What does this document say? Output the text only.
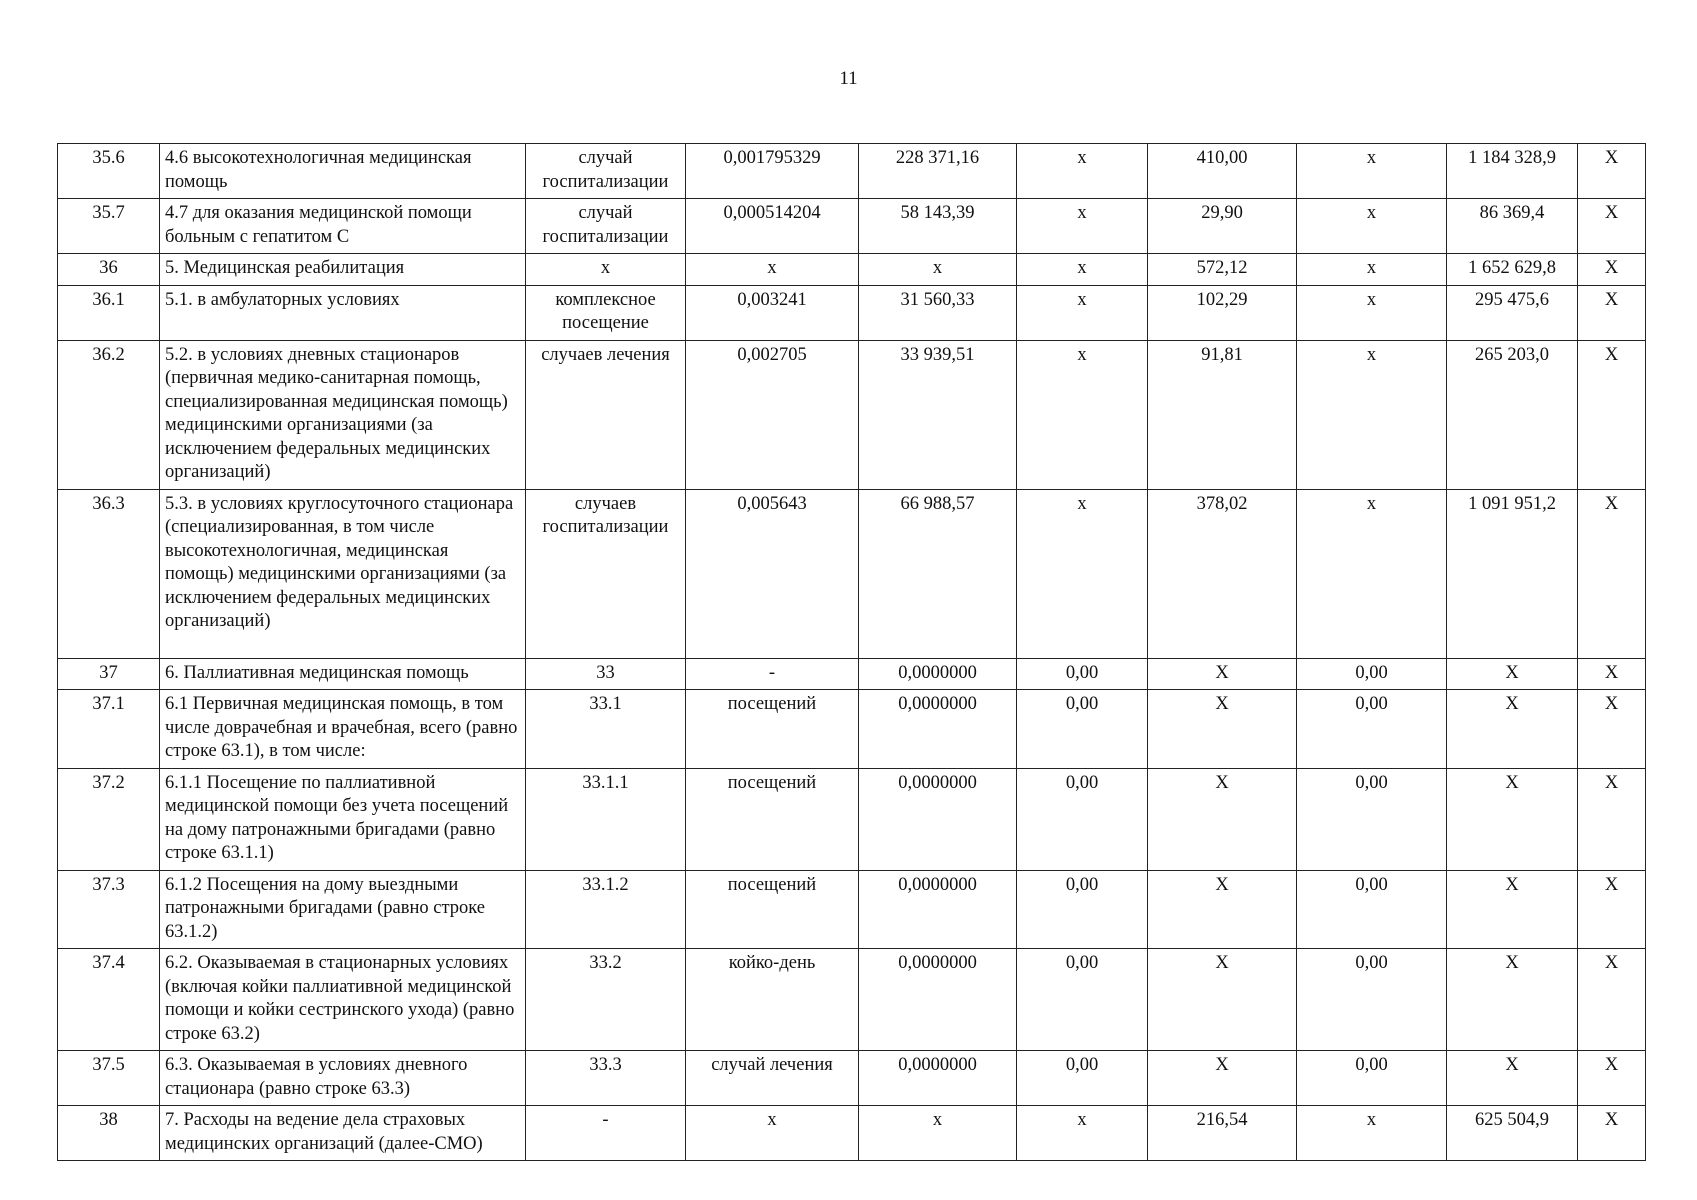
11
35.6	4.6 высокотехнологичная медицинская помощь	случай госпитализации	0,001795329	228 371,16	х	410,00	х	1 184 328,9	Х
35.7	4.7 для оказания медицинской помощи больным с гепатитом С	случай госпитализации	0,000514204	58 143,39	х	29,90	х	86 369,4	Х
36	5. Медицинская реабилитация	х	х	х	х	572,12	х	1 652 629,8	Х
36.1	5.1. в амбулаторных условиях	комплексное посещение	0,003241	31 560,33	х	102,29	х	295 475,6	Х
36.2	5.2. в условиях дневных стационаров (первичная медико-санитарная помощь, специализированная медицинская помощь) медицинскими организациями (за исключением федеральных медицинских организаций)	случаев лечения	0,002705	33 939,51	х	91,81	х	265 203,0	Х
36.3	5.3. в условиях круглосуточного стационара (специализированная, в том числе высокотехнологичная, медицинская помощь) медицинскими организациями (за исключением федеральных медицинских организаций)	случаев госпитализации	0,005643	66 988,57	х	378,02	х	1 091 951,2	Х
37	6. Паллиативная медицинская помощь	33	-	0,0000000	0,00	Х	0,00	Х	Х
37.1	6.1 Первичная медицинская помощь, в том числе доврачебная и врачебная, всего (равно строке 63.1), в том числе:	33.1	посещений	0,0000000	0,00	Х	0,00	Х	Х
37.2	6.1.1 Посещение по паллиативной медицинской помощи без учета посещений на дому патронажными бригадами (равно строке 63.1.1)	33.1.1	посещений	0,0000000	0,00	Х	0,00	Х	Х
37.3	6.1.2 Посещения на дому выездными патронажными бригадами (равно строке 63.1.2)	33.1.2	посещений	0,0000000	0,00	Х	0,00	Х	Х
37.4	6.2. Оказываемая в стационарных условиях (включая койки паллиативной медицинской помощи и койки сестринского ухода) (равно строке 63.2)	33.2	койко-день	0,0000000	0,00	Х	0,00	Х	Х
37.5	6.3. Оказываемая в условиях дневного стационара (равно строке 63.3)	33.3	случай лечения	0,0000000	0,00	Х	0,00	Х	Х
38	7. Расходы на ведение дела страховых медицинских организаций (далее-СМО)	-	х	х	х	216,54	х	625 504,9	Х
